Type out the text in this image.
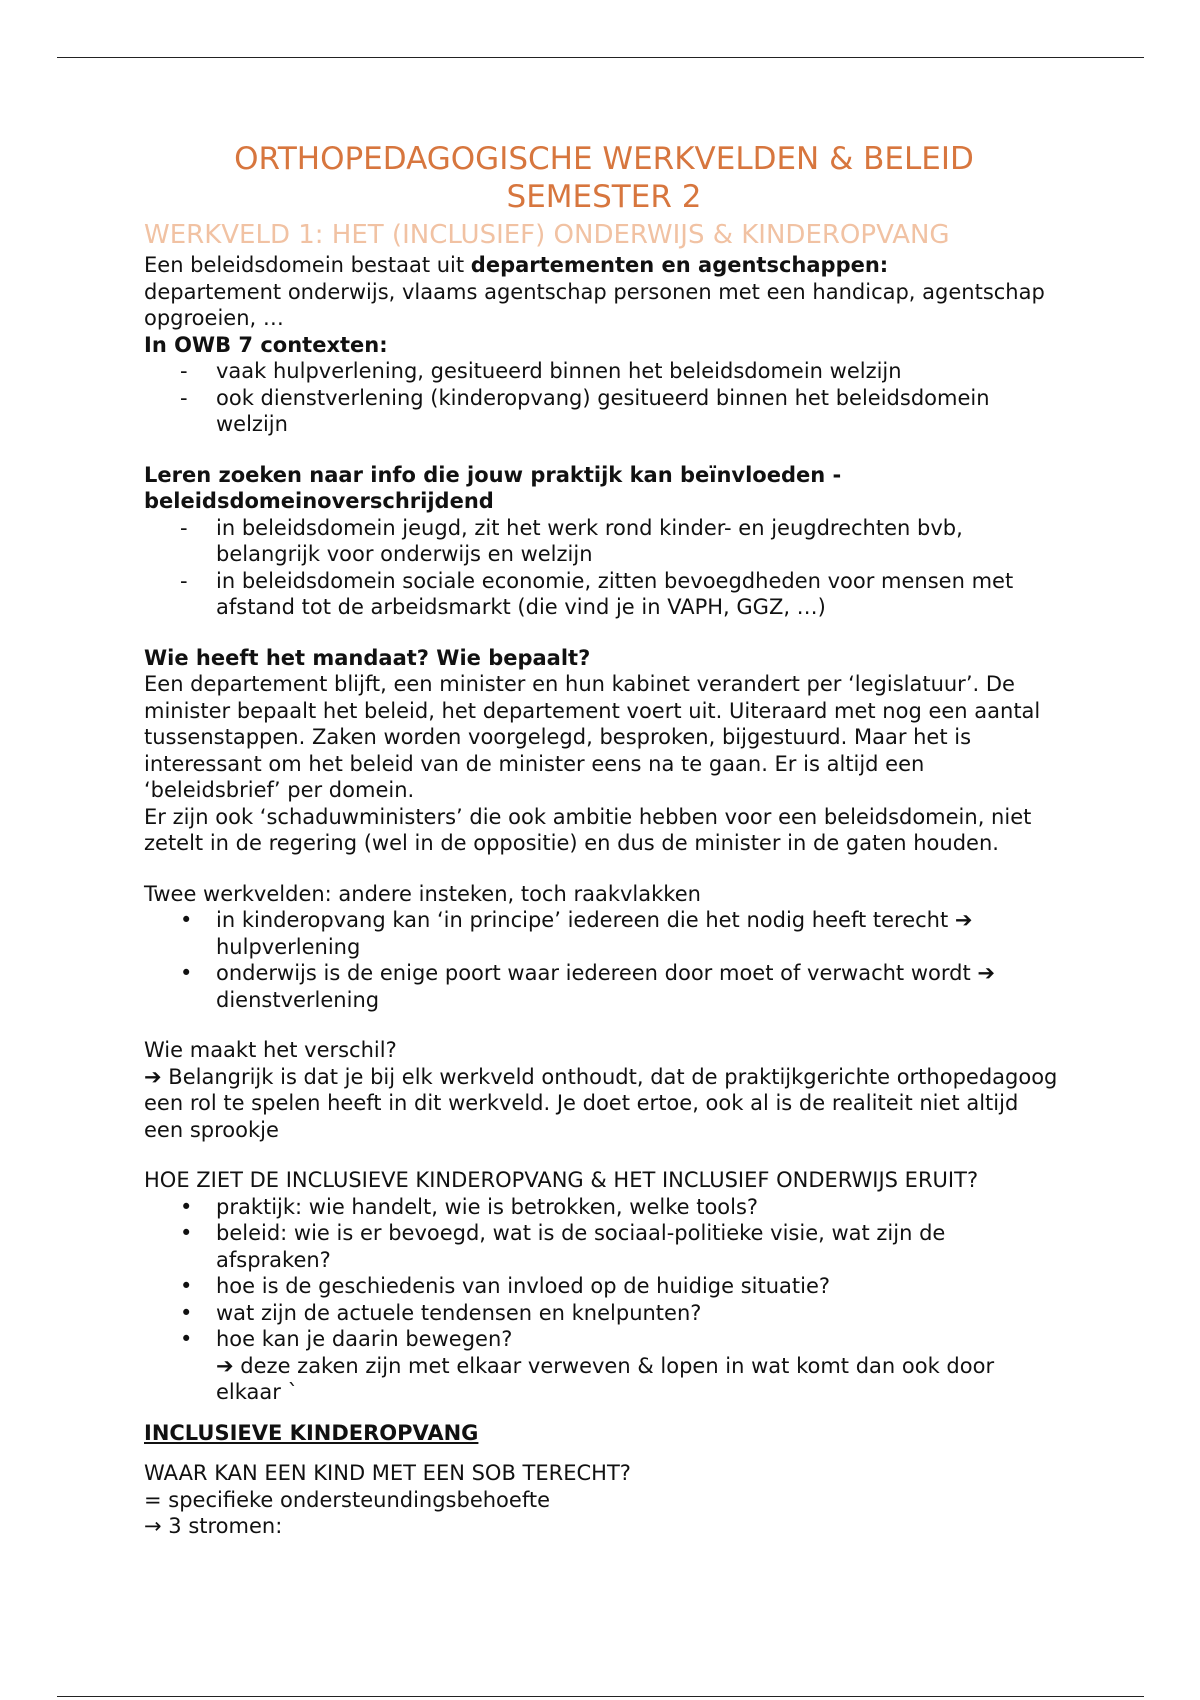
ORTHOPEDAGOGISCHE WERKVELDEN & BELEID
SEMESTER 2
WERKVELD 1: HET (INCLUSIEF) ONDERWIJS & KINDEROPVANG

Een beleidsdomein bestaat uit departementen en agentschappen:
departement onderwijs, vlaams agentschap personen met een handicap, agentschap opgroeien, …

In OWB 7 contexten:

-	vaak hulpverlening, gesitueerd binnen het beleidsdomein welzijn
-	ook dienstverlening (kinderopvang) gesitueerd binnen het beleidsdomein welzijn

Leren zoeken naar info die jouw praktijk kan beïnvloeden - beleidsdomeinoverschrijdend

-	in beleidsdomein jeugd, zit het werk rond kinder- en jeugdrechten bvb, belangrijk voor onderwijs en welzijn
-	in beleidsdomein sociale economie, zitten bevoegdheden voor mensen met afstand tot de arbeidsmarkt (die vind je in VAPH, GGZ, …)

Wie heeft het mandaat? Wie bepaalt?

Een departement blijft, een minister en hun kabinet verandert per ‘legislatuur’. De minister bepaalt het beleid, het departement voert uit. Uiteraard met nog een aantal tussenstappen. Zaken worden voorgelegd, besproken, bijgestuurd. Maar het is interessant om het beleid van de minister eens na te gaan. Er is altijd een ‘beleidsbrief’ per domein.

Er zijn ook ‘schaduwministers’ die ook ambitie hebben voor een beleidsdomein, niet zetelt in de regering (wel in de oppositie) en dus de minister in de gaten houden.

Twee werkvelden: andere insteken, toch raakvlakken

•	in kinderopvang kan ‘in principe’ iedereen die het nodig heeft terecht ➔
hulpverlening
•	onderwijs is de enige poort waar iedereen door moet of verwacht wordt ➔
dienstverlening

Wie maakt het verschil?

➔ Belangrijk is dat je bij elk werkveld onthoudt, dat de praktijkgerichte orthopedagoog een rol te spelen heeft in dit werkveld. Je doet ertoe, ook al is de realiteit niet altijd een sprookje

HOE ZIET DE INCLUSIEVE KINDEROPVANG & HET INCLUSIEF ONDERWIJS ERUIT?

•	praktijk: wie handelt, wie is betrokken, welke tools?
•	beleid: wie is er bevoegd, wat is de sociaal-politieke visie, wat zijn de afspraken?
•	hoe is de geschiedenis van invloed op de huidige situatie?
•	wat zijn de actuele tendensen en knelpunten?
•	hoe kan je daarin bewegen?
➔ deze zaken zijn met elkaar verweven & lopen in wat komt dan ook door elkaar `

INCLUSIEVE KINDEROPVANG

WAAR KAN EEN KIND MET EEN SOB TERECHT?

= specifieke ondersteundingsbehoefte

→ 3 stromen:
